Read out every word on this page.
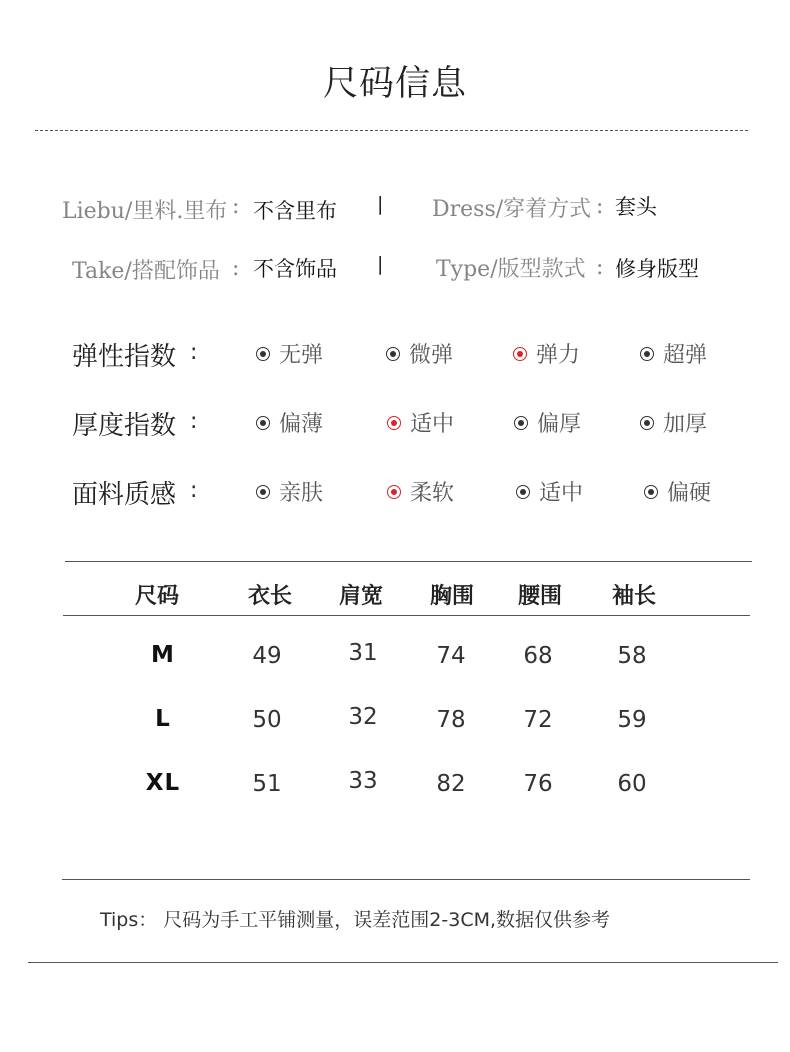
尺码信息
Liebu/里料.里布 : 不含里布 | Dress/穿着方式 : 套头
Take/搭配饰品 : 不含饰品 | Type/版型款式 : 修身版型
弹性指数 :	无弹	微弹	弹力	超弹
厚度指数 :	偏薄	适中	偏厚	加厚
面料质感 :	亲肤	柔软	适中	偏硬
尺码	衣长	肩宽	胸围	腰围	袖长
M	49	31	74	68	58
L	50	32	78	72	59
XL	51	33	82	76	60
Tips： 尺码为手工平铺测量，误差范围2-3CM,数据仅供参考
